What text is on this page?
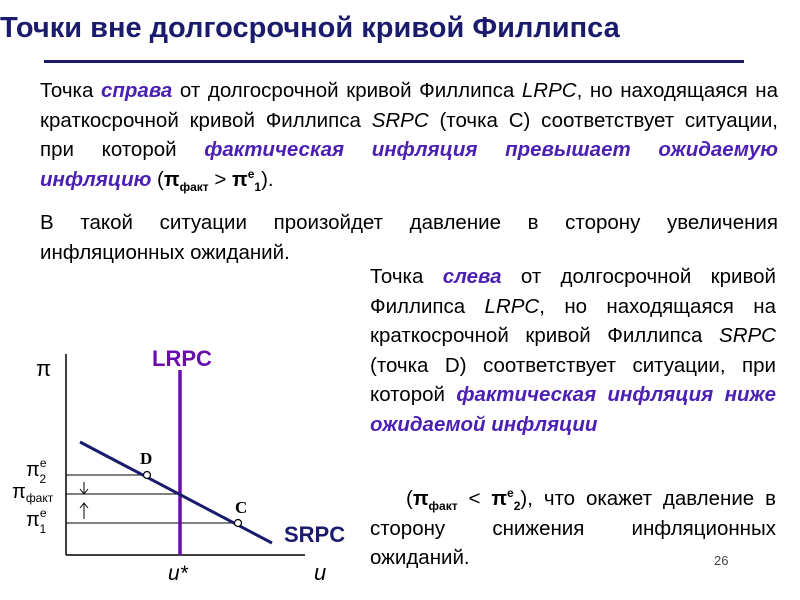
Точки вне долгосрочной кривой Филлипса
Точка справа от долгосрочной кривой Филлипса LRPC, но находящаяся на краткосрочной кривой Филлипса SRPC (точка С) соответствует ситуации, при которой фактическая инфляция превышает ожидаемую инфляцию $(\pi_{факт} > \pi^e_1)$.
В такой ситуации произойдет давление в сторону увеличения инфляционных ожиданий.
Точка слева от долгосрочной кривой Филлипса LRPC, но находящаяся на краткосрочной кривой Филлипса SRPC (точка D) соответствует ситуации, при которой фактическая инфляция ниже ожидаемой инфляции
$(\pi_{факт} < \pi^e_2)$, что окажет давление в сторону снижения инфляционных ожиданий.	26
π
u
LRPC
SRPC
u*
D
C
$\pi^e$ 2
$\pi_{факт}$
$\pi^e$ 1
